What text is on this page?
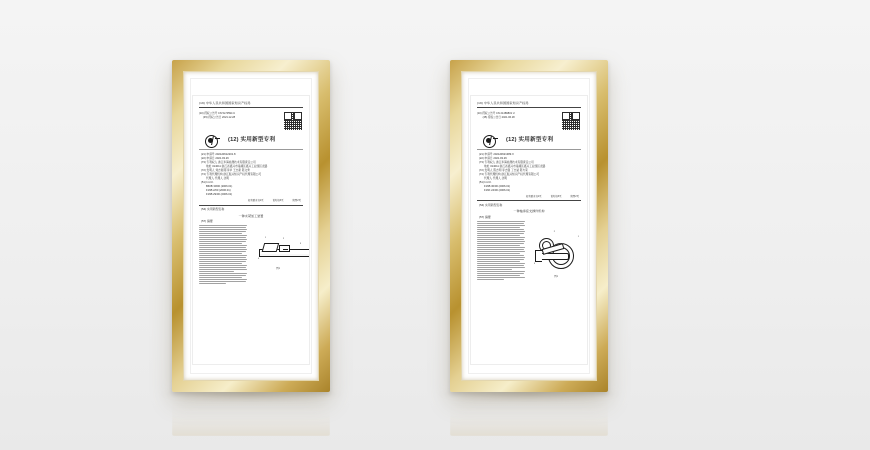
(19) 中华人民共和国国家知识产权局
(10) 授权公告号 CN 5x74594 U
(45) 授权公告日 2021.12.28
(12) 实用新型专利
(21) 申请号 202120612201.8
(22) 申请日 2021.03.26
(73) 专利权人 浙江华海检测技术有限责任公司
地址 314011 浙江省嘉兴市南湖区嘉兴工业园区北路
(72) 发明人 刘志刚 陈李华 王志新 陈文秀
(74) 专利代理机构 浙江振兴知识产权代理有限公司
代理人 代理人 沈明
(51) Int.Cl.
B60B 30/00 (2006.01)
F16B 2/00 (2006.01)
F16B 29/00 (2006.01)
权利要求书1页	说明书3页	附图2页
(54) 实用新型名称
一种夹紧加工装置
(57) 摘要
1	2
3
4
图1
(19) 中华人民共和国国家知识产权局
(10) 授权公告号 CN 21489831 U
(45) 授权公告日 2021.06.18
(12) 实用新型专利
(21) 申请号 202120621389.X
(22) 申请日 2021.03.26
(73) 专利权人 浙江华海检测技术有限责任公司
地址 314011 浙江省嘉兴市南湖区嘉兴工业园区北路
(72) 发明人 陈志明 李志强 丁志斌 陈方荣
(74) 专利代理机构 浙江振兴知识产权代理有限公司
代理人 代理人 沈明
(51) Int.Cl.
F16B 30/00 (2006.01)
F16K 24/00 (2006.01)
权利要求书1页	说明书3页	附图2页
(54) 实用新型名称
一种轴承座支撑件机构
(57) 摘要
1
2
3
图1
